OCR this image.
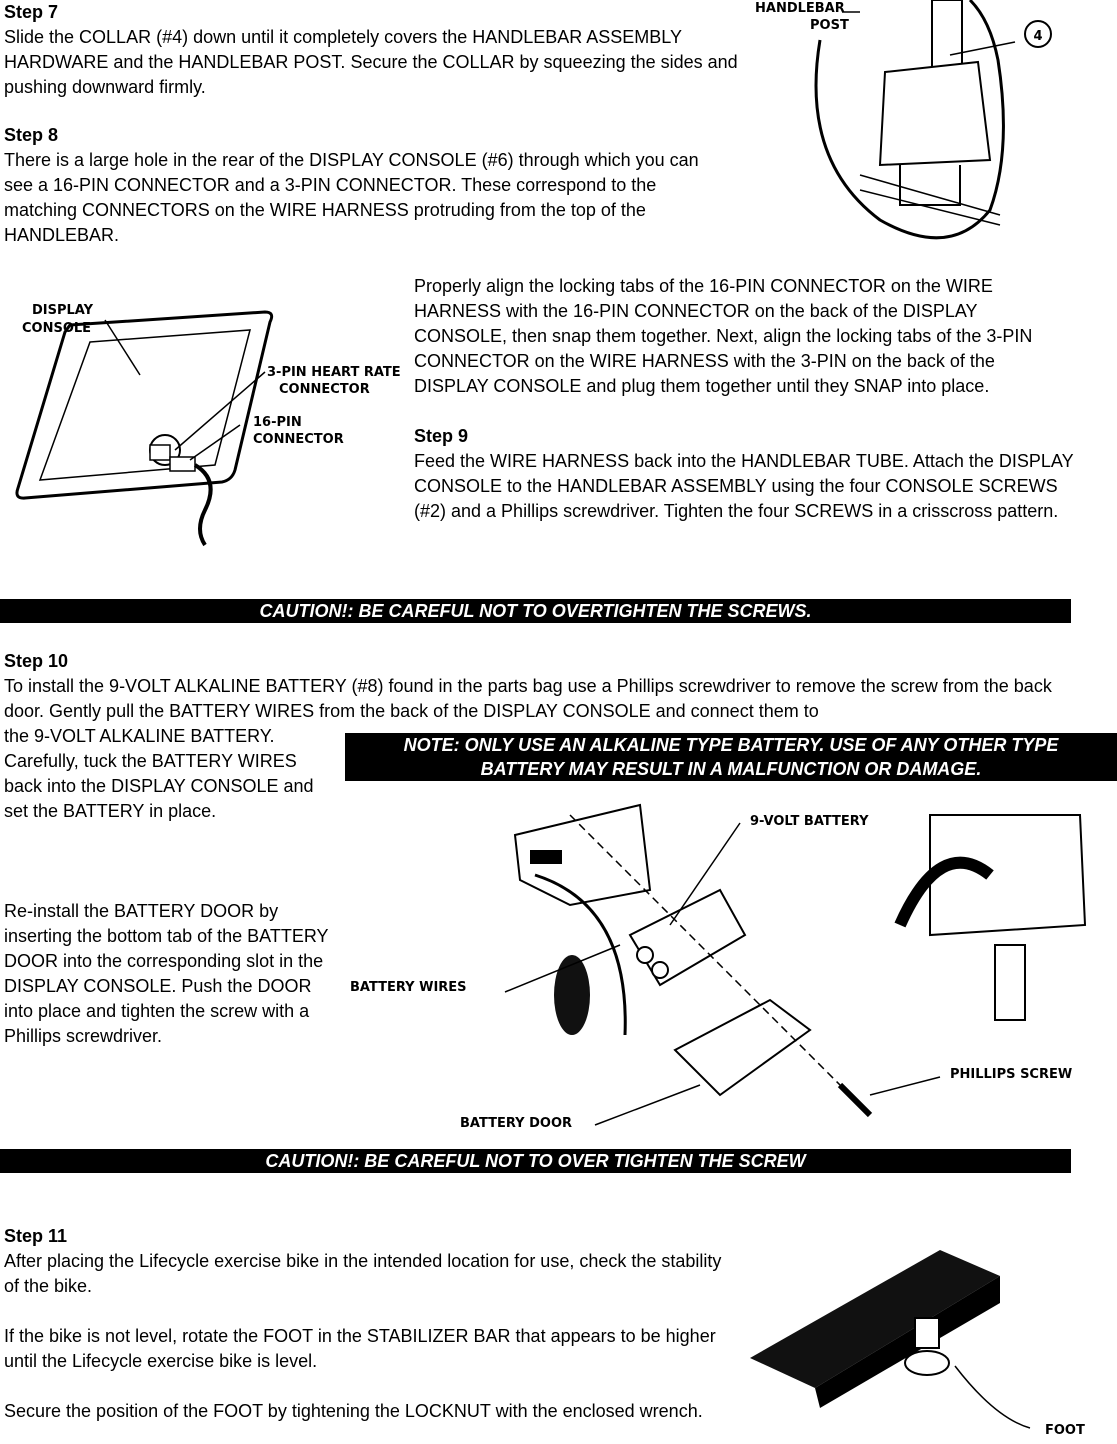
Step 7

Slide the COLLAR (#4) down until it completely covers the HANDLEBAR ASSEMBLY HARDWARE and the HANDLEBAR POST. Secure the COLLAR by squeezing the sides and pushing downward firmly.

Step 8

There is a large hole in the rear of the DISPLAY CONSOLE (#6) through which you can see a 16-PIN CONNECTOR and a 3-PIN CONNECTOR. These correspond to the matching CONNECTORS on the WIRE HARNESS protruding from the top of the HANDLEBAR.

Properly align the locking tabs of the 16-PIN CONNECTOR on the WIRE HARNESS with the 16-PIN CONNECTOR on the back of the DISPLAY CONSOLE, then snap them together. Next, align the locking tabs of the 3-PIN CONNECTOR on the WIRE HARNESS with the 3-PIN on the back of the DISPLAY CONSOLE and plug them together until they SNAP into place.

Step 9

Feed the WIRE HARNESS back into the HANDLEBAR TUBE. Attach the DISPLAY CONSOLE to the HANDLEBAR ASSEMBLY using the four CONSOLE SCREWS (#2) and a Phillips screwdriver. Tighten the four SCREWS in a crisscross pattern.

CAUTION!: BE CAREFUL NOT TO OVERTIGHTEN THE SCREWS.
Step 10

To install the 9-VOLT ALKALINE BATTERY (#8) found in the parts bag use a Phillips screwdriver to remove the screw from the back door. Gently pull the BATTERY WIRES from the back of the DISPLAY CONSOLE and connect them to

the 9-VOLT ALKALINE BATTERY. Carefully, tuck the BATTERY WIRES back into the DISPLAY CONSOLE and set the BATTERY in place.

Re-install the BATTERY DOOR by inserting the bottom tab of the BATTERY DOOR into the corresponding slot in the DISPLAY CONSOLE. Push the DOOR into place and tighten the screw with a Phillips screwdriver.

NOTE: ONLY USE AN ALKALINE TYPE BATTERY. USE OF ANY OTHER TYPE
BATTERY MAY RESULT IN A MALFUNCTION OR DAMAGE.
CAUTION!: BE CAREFUL NOT TO OVER TIGHTEN THE SCREW
Step 11

After placing the Lifecycle exercise bike in the intended location for use, check the stability of the bike.

If the bike is not level, rotate the FOOT in the STABILIZER BAR that appears to be higher until the Lifecycle exercise bike is level.

Secure the position of the FOOT by tightening the LOCKNUT with the enclosed wrench.

4
HANDLEBAR
POST
DISPLAY
CONSOLE
3-PIN HEART RATE
CONNECTOR
16-PIN
CONNECTOR
9-VOLT BATTERY
BATTERY WIRES
BATTERY DOOR
PHILLIPS SCREW
FOOT
